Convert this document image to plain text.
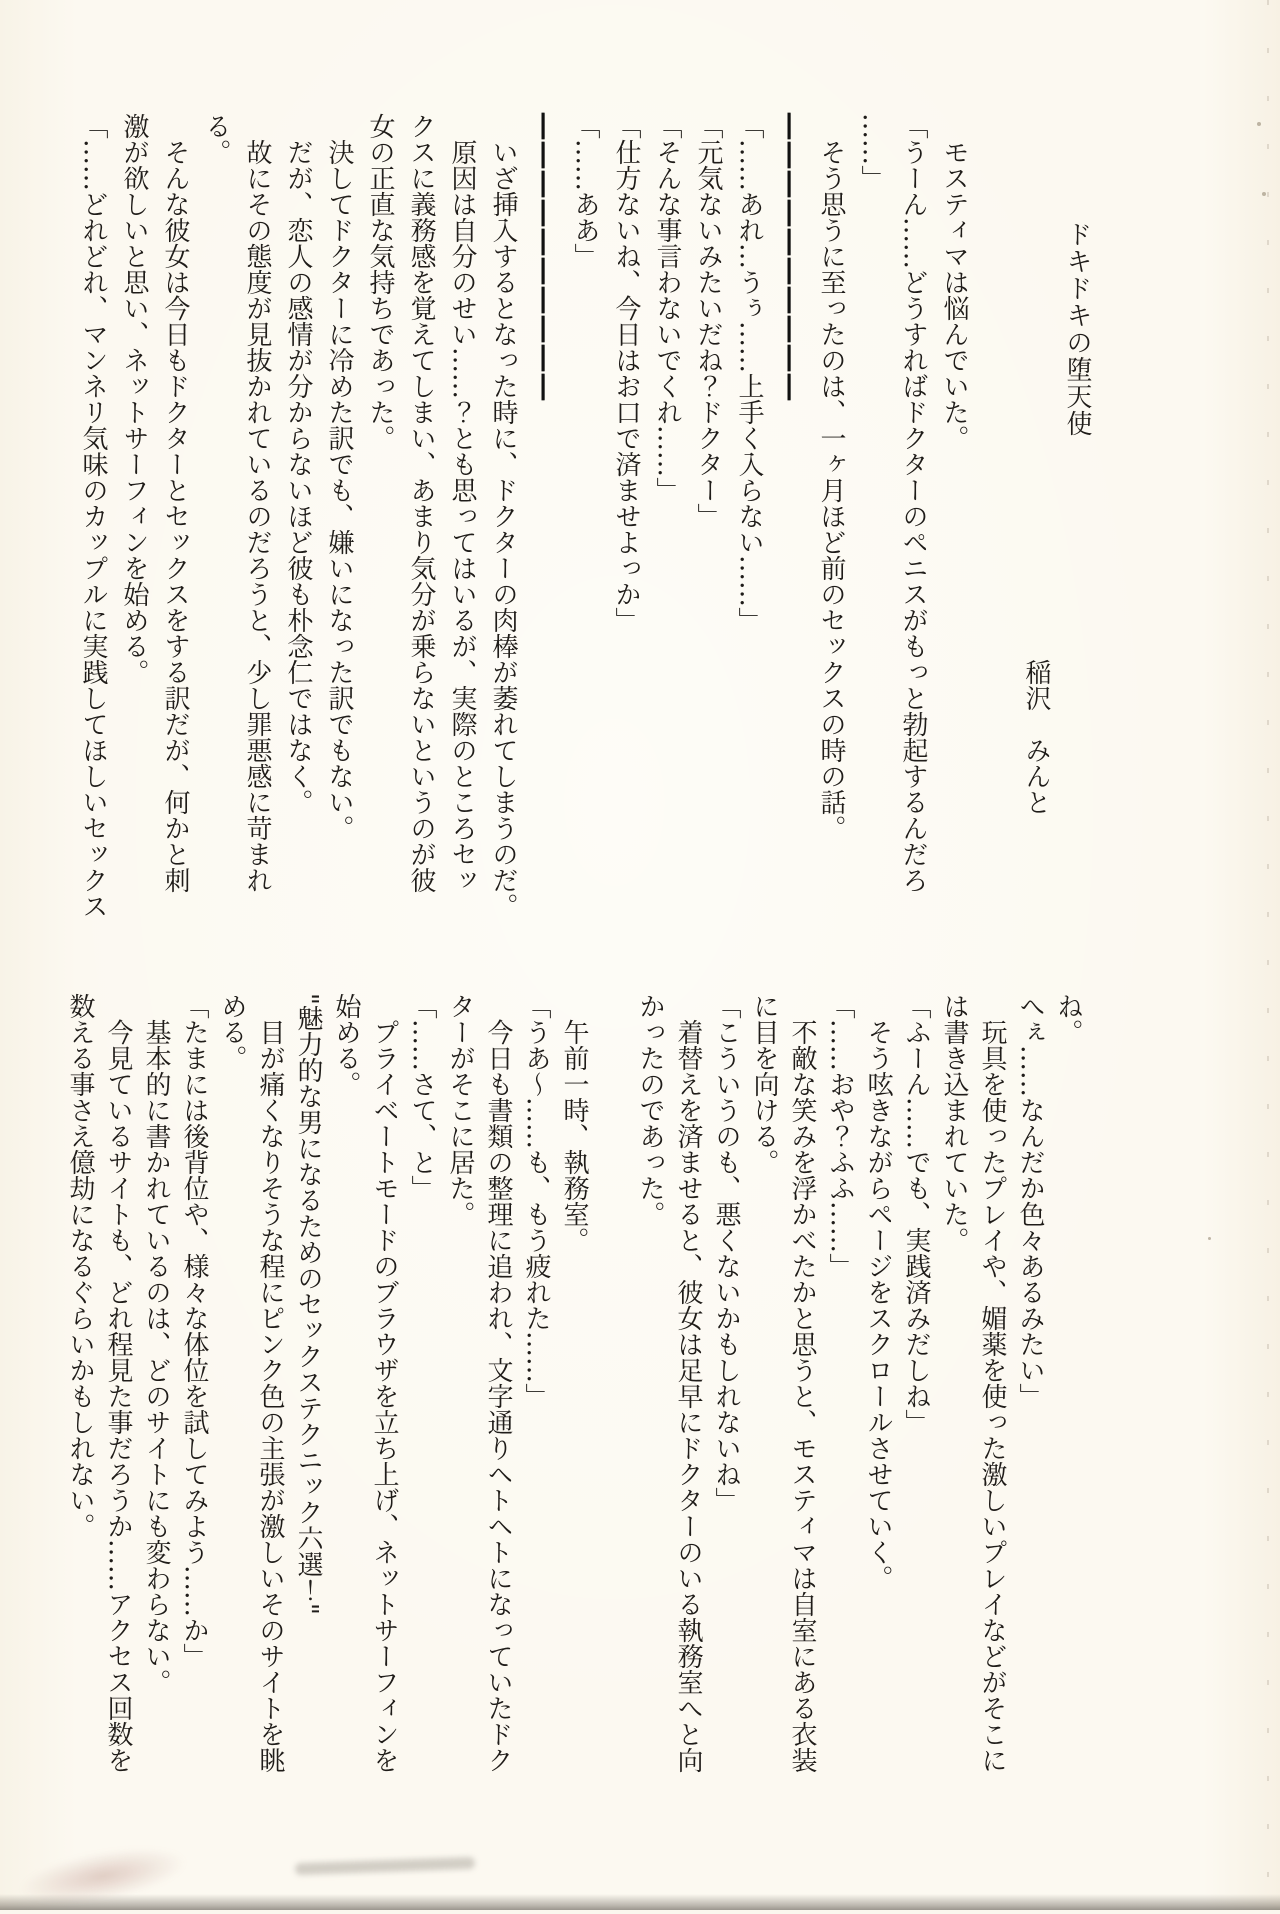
　　　　ドキドキの堕天使
　　　　　　　　　　　　　　　　　　　　　稲沢　みんと

　モスティマは悩んでいた。
「うーん……どうすればドクターのペニスがもっと勃起するんだろ
……」
　そう思うに至ったのは、一ヶ月ほど前のセックスの時の話。
――――――――――
「……あれ…うぅ……上手く入らない……」
「元気ないみたいだね？ドクター」
「そんな事言わないでくれ……」
「仕方ないね、今日はお口で済ませよっか」
「……ああ」
――――――――――
　いざ挿入するとなった時に、ドクターの肉棒が萎れてしまうのだ。
　原因は自分のせい……？とも思ってはいるが、実際のところセッ
クスに義務感を覚えてしまい、あまり気分が乗らないというのが彼
女の正直な気持ちであった。
　決してドクターに冷めた訳でも、嫌いになった訳でもない。
　だが、恋人の感情が分からないほど彼も朴念仁ではなく。
　故にその態度が見抜かれているのだろうと、少し罪悪感に苛まれ
る。
　そんな彼女は今日もドクターとセックスをする訳だが、何かと刺
激が欲しいと思い、ネットサーフィンを始める。
「……どれどれ、マンネリ気味のカップルに実践してほしいセックス
ね。
へぇ……なんだか色々あるみたい」
　玩具を使ったプレイや、媚薬を使った激しいプレイなどがそこに
は書き込まれていた。
「ふーん……でも、実践済みだしね」
　そう呟きながらページをスクロールさせていく。
「……おや？ふふ……」
　不敵な笑みを浮かべたかと思うと、モスティマは自室にある衣装
に目を向ける。
「こういうのも、悪くないかもしれないね」
　着替えを済ませると、彼女は足早にドクターのいる執務室へと向
かったのであった。

　午前一時、執務室。
「うあ～……も、もう疲れた……」
　今日も書類の整理に追われ、文字通りヘトヘトになっていたドク
ターがそこに居た。
「……さて、と」
　プライベートモードのブラウザを立ち上げ、ネットサーフィンを
始める。
"魅力的な男になるためのセックステクニック六選！"
　目が痛くなりそうな程にピンク色の主張が激しいそのサイトを眺
める。
「たまには後背位や、様々な体位を試してみよう……か」
　基本的に書かれているのは、どのサイトにも変わらない。
　今見ているサイトも、どれ程見た事だろうか……アクセス回数を
数える事さえ億劫になるぐらいかもしれない。
